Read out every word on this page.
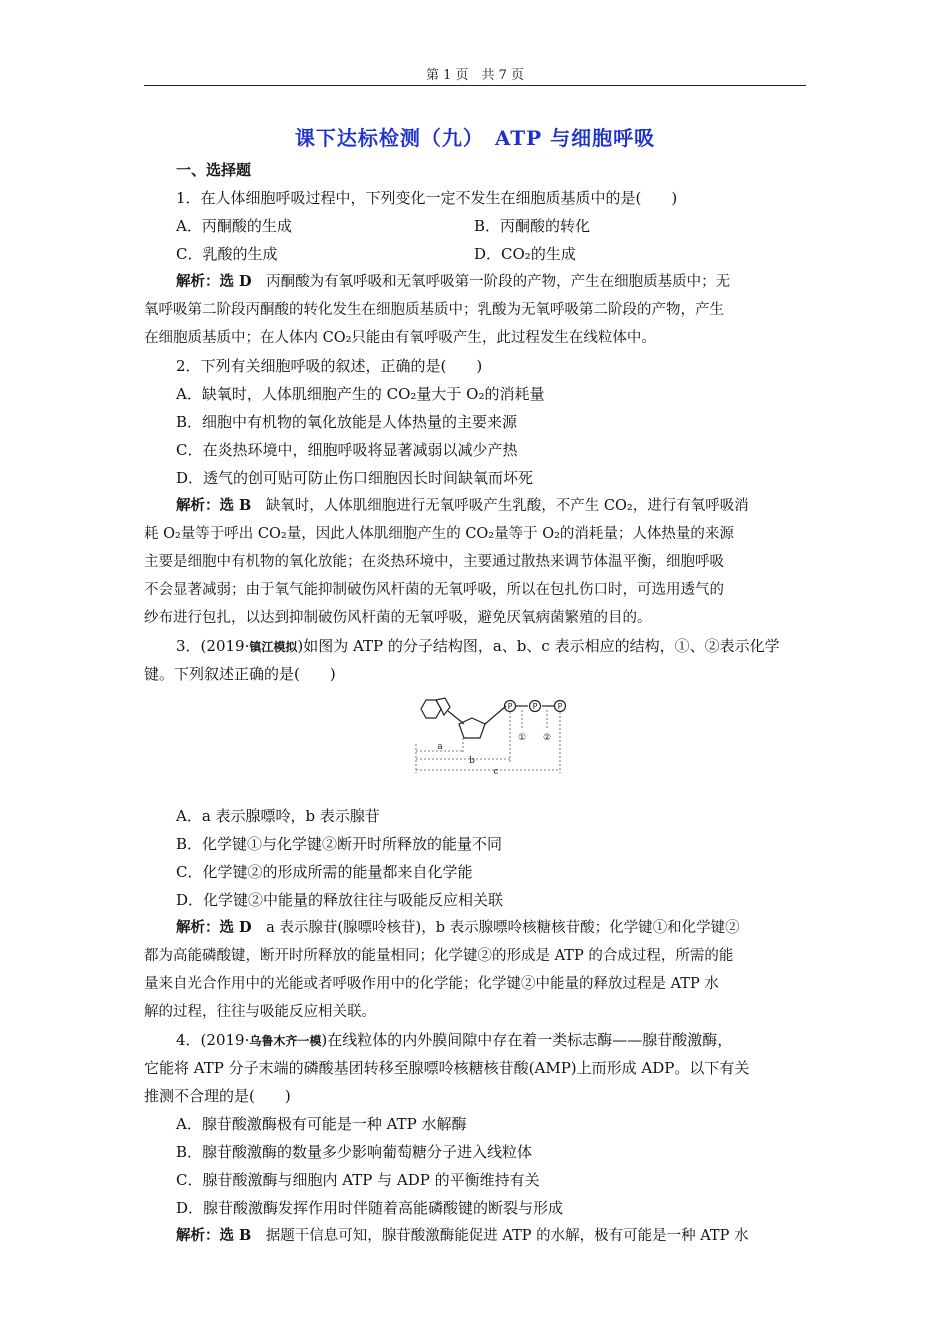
第 1 页　共 7 页
课下达标检测（九）　ATP 与细胞呼吸
一、选择题
1．在人体细胞呼吸过程中，下列变化一定不发生在细胞质基质中的是(　　)
A．丙酮酸的生成	B．丙酮酸的转化
C．乳酸的生成	D．CO₂的生成
解析：选 D　 丙酮酸为有氧呼吸和无氧呼吸第一阶段的产物，产生在细胞质基质中；无
氧呼吸第二阶段丙酮酸的转化发生在细胞质基质中；乳酸为无氧呼吸第二阶段的产物，产生
在细胞质基质中；在人体内 CO₂只能由有氧呼吸产生，此过程发生在线粒体中。
2．下列有关细胞呼吸的叙述，正确的是(　　)
A．缺氧时，人体肌细胞产生的 CO₂量大于 O₂的消耗量
B．细胞中有机物的氧化放能是人体热量的主要来源
C．在炎热环境中，细胞呼吸将显著减弱以减少产热
D．透气的创可贴可防止伤口细胞因长时间缺氧而坏死
解析：选 B　 缺氧时，人体肌细胞进行无氧呼吸产生乳酸，不产生 CO₂，进行有氧呼吸消
耗 O₂量等于呼出 CO₂量，因此人体肌细胞产生的 CO₂量等于 O₂的消耗量；人体热量的来源
主要是细胞中有机物的氧化放能；在炎热环境中，主要通过散热来调节体温平衡，细胞呼吸
不会显著减弱；由于氧气能抑制破伤风杆菌的无氧呼吸，所以在包扎伤口时，可选用透气的
纱布进行包扎，以达到抑制破伤风杆菌的无氧呼吸，避免厌氧病菌繁殖的目的。
3．(2019·镇江模拟)如图为 ATP 的分子结构图，a、b、c 表示相应的结构，①、②表示化学
键。下列叙述正确的是(　　)
P	P	P
① ②
a
b
c
A．a 表示腺嘌呤，b 表示腺苷
B．化学键①与化学键②断开时所释放的能量不同
C．化学键②的形成所需的能量都来自化学能
D．化学键②中能量的释放往往与吸能反应相关联
解析：选 D　 a 表示腺苷(腺嘌呤核苷)，b 表示腺嘌呤核糖核苷酸；化学键①和化学键②
都为高能磷酸键，断开时所释放的能量相同；化学键②的形成是 ATP 的合成过程，所需的能
量来自光合作用中的光能或者呼吸作用中的化学能；化学键②中能量的释放过程是 ATP 水
解的过程，往往与吸能反应相关联。
4．(2019·乌鲁木齐一模)在线粒体的内外膜间隙中存在着一类标志酶——腺苷酸激酶，
它能将 ATP 分子末端的磷酸基团转移至腺嘌呤核糖核苷酸(AMP)上而形成 ADP。以下有关
推测不合理的是(　　)
A．腺苷酸激酶极有可能是一种 ATP 水解酶
B．腺苷酸激酶的数量多少影响葡萄糖分子进入线粒体
C．腺苷酸激酶与细胞内 ATP 与 ADP 的平衡维持有关
D．腺苷酸激酶发挥作用时伴随着高能磷酸键的断裂与形成
解析：选 B　 据题干信息可知，腺苷酸激酶能促进 ATP 的水解，极有可能是一种 ATP 水
